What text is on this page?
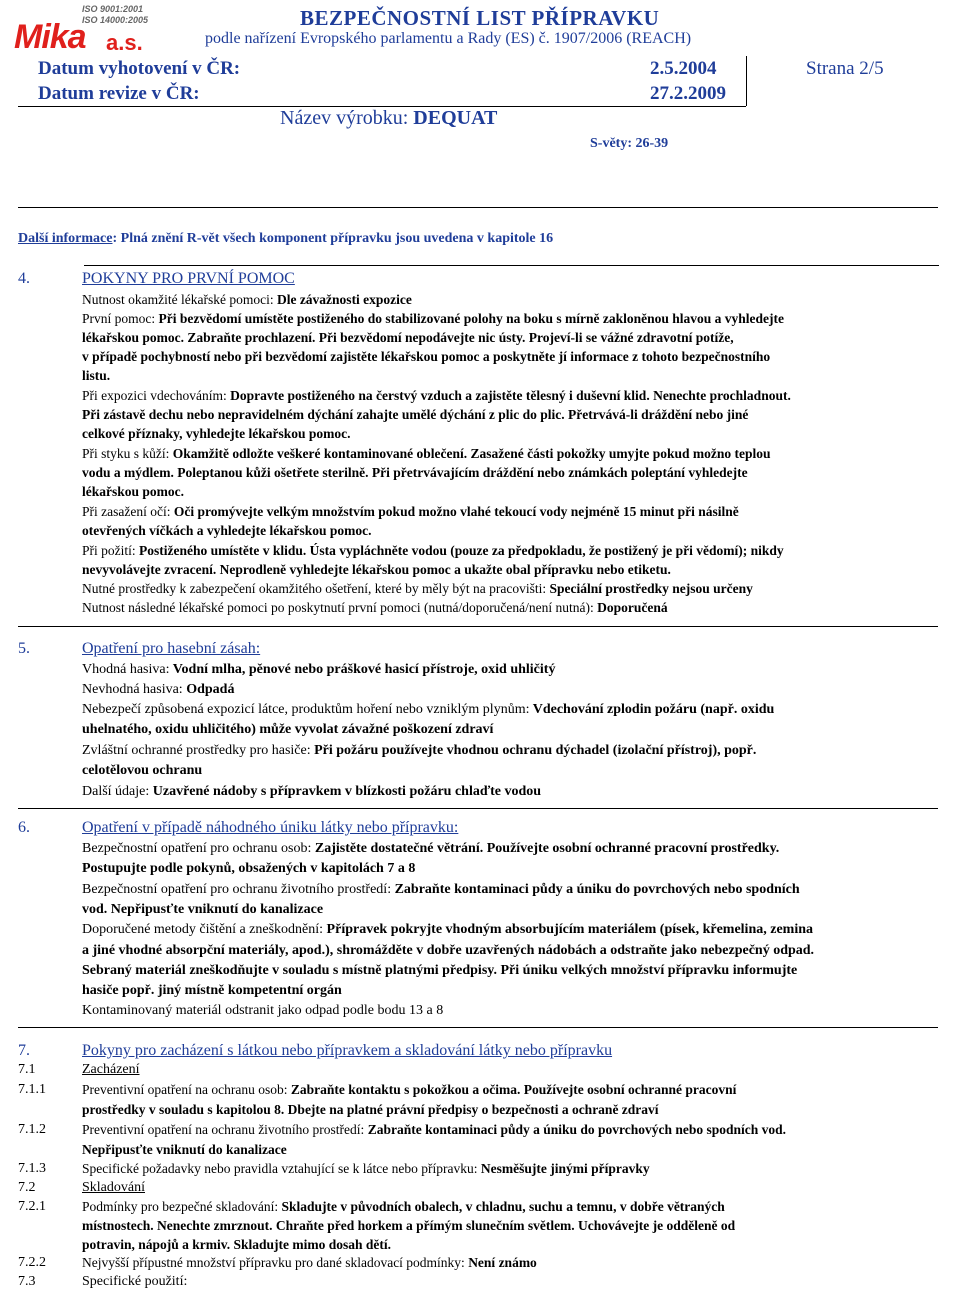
ISO 9001:2001
ISO 14000:2005
Mika a.s.
BEZPEČNOSTNÍ LIST PŘÍPRAVKU
podle nařízení Evropského parlamentu a Rady (ES) č. 1907/2006 (REACH)
Datum vyhotovení v ČR:	2.5.2004
Datum revize v ČR:	27.2.2009
Strana 2/5
Název výrobku: DEQUAT
S-věty: 26-39
Další informace: Plná znění R-vět všech komponent přípravku jsou uvedena v kapitole 16
4.	POKYNY PRO PRVNÍ POMOC
Nutnost okamžité lékařské pomoci: Dle závažnosti expozice
První pomoc: Při bezvědomí umístěte postiženého do stabilizované polohy na boku s mírně zakloněnou hlavou a vyhledejte
lékařskou pomoc. Zabraňte prochlazení. Při bezvědomí nepodávejte nic ústy. Projeví-li se vážné zdravotní potíže,
v případě pochybností nebo při bezvědomí zajistěte lékařskou pomoc a poskytněte jí informace z tohoto bezpečnostního
listu.
Při expozici vdechováním: Dopravte postiženého na čerstvý vzduch a zajistěte tělesný i duševní klid. Nenechte prochladnout.
Při zástavě dechu nebo nepravidelném dýchání zahajte umělé dýchání z plic do plic. Přetrvává-li dráždění nebo jiné
celkové příznaky, vyhledejte lékařskou pomoc.
Při styku s kůží: Okamžitě odložte veškeré kontaminované oblečení. Zasažené části pokožky umyjte pokud možno teplou
vodu a mýdlem. Poleptanou kůži ošetřete sterilně. Při přetrvávajícím dráždění nebo známkách poleptání vyhledejte
lékařskou pomoc.
Při zasažení očí: Oči promývejte velkým množstvím pokud možno vlahé tekoucí vody nejméně 15 minut při násilně
otevřených víčkách a vyhledejte lékařskou pomoc.
Při požití: Postiženého umístěte v klidu. Ústa vypláchněte vodou (pouze za předpokladu, že postižený je při vědomí); nikdy
nevyvolávejte zvracení. Neprodleně vyhledejte lékařskou pomoc a ukažte obal přípravku nebo etiketu.
Nutné prostředky k zabezpečení okamžitého ošetření, které by měly být na pracovišti: Speciální prostředky nejsou určeny
Nutnost následné lékařské pomoci po poskytnutí první pomoci (nutná/doporučená/není nutná): Doporučená
5.	Opatření pro hasební zásah:
Vhodná hasiva: Vodní mlha, pěnové nebo práškové hasicí přístroje, oxid uhličitý
Nevhodná hasiva: Odpadá
Nebezpečí způsobená expozicí látce, produktům hoření nebo vzniklým plynům: Vdechování zplodin požáru (např. oxidu
uhelnatého, oxidu uhličitého) může vyvolat závažné poškození zdraví
Zvláštní ochranné prostředky pro hasiče: Při požáru používejte vhodnou ochranu dýchadel (izolační přístroj), popř.
celotělovou ochranu
Další údaje: Uzavřené nádoby s přípravkem v blízkosti požáru chlaďte vodou
6.	Opatření v případě náhodného úniku látky nebo přípravku:
Bezpečnostní opatření pro ochranu osob: Zajistěte dostatečné větrání. Používejte osobní ochranné pracovní prostředky.
Postupujte podle pokynů, obsažených v kapitolách 7 a 8
Bezpečnostní opatření pro ochranu životního prostředí: Zabraňte kontaminaci půdy a úniku do povrchových nebo spodních
vod. Nepřipusťte vniknutí do kanalizace
Doporučené metody čištění a zneškodnění: Přípravek pokryjte vhodným absorbujícím materiálem (písek, křemelina, zemina
a jiné vhodné absorpční materiály, apod.), shromážděte v dobře uzavřených nádobách a odstraňte jako nebezpečný odpad.
Sebraný materiál zneškodňujte v souladu s místně platnými předpisy. Při úniku velkých množství přípravku informujte
hasiče popř. jiný místně kompetentní orgán
Kontaminovaný materiál odstranit jako odpad podle bodu 13 a 8
7.	Pokyny pro zacházení s látkou nebo přípravkem a skladování látky nebo přípravku
7.1	Zacházení
7.1.1	Preventivní opatření na ochranu osob: Zabraňte kontaktu s pokožkou a očima. Používejte osobní ochranné pracovní
prostředky v souladu s kapitolou 8. Dbejte na platné právní předpisy o bezpečnosti a ochraně zdraví
7.1.2	Preventivní opatření na ochranu životního prostředí: Zabraňte kontaminaci půdy a úniku do povrchových nebo spodních vod.
Nepřipusťte vniknutí do kanalizace
7.1.3	Specifické požadavky nebo pravidla vztahující se k látce nebo přípravku: Nesměšujte jinými přípravky
7.2	Skladování
7.2.1	Podmínky pro bezpečné skladování: Skladujte v původních obalech, v chladnu, suchu a temnu, v dobře větraných
místnostech. Nenechte zmrznout. Chraňte před horkem a přímým slunečním světlem. Uchovávejte je odděleně od
potravin, nápojů a krmiv. Skladujte mimo dosah dětí.
7.2.2	Nejvyšší přípustné množství přípravku pro dané skladovací podmínky: Není známo
7.3	Specifické použití:
